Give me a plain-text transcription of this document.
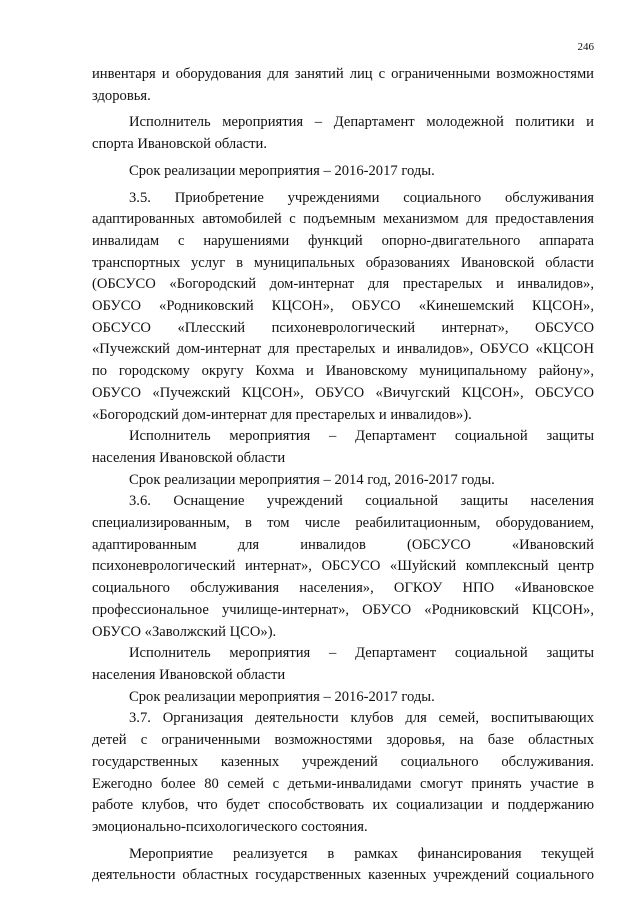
246
инвентаря и оборудования для занятий лиц с ограниченными возможностями
здоровья.
Исполнитель мероприятия – Департамент молодежной политики и
спорта Ивановской области.
Срок реализации мероприятия – 2016-2017 годы.
3.5. Приобретение учреждениями социального обслуживания
адаптированных автомобилей с подъемным механизмом для предоставления
инвалидам с нарушениями функций опорно-двигательного аппарата
транспортных услуг в муниципальных образованиях Ивановской области
(ОБСУСО «Богородский дом-интернат для престарелых и инвалидов»,
ОБУСО «Родниковский КЦСОН», ОБУСО «Кинешемский КЦСОН»,
ОБСУСО «Плесский психоневрологический интернат», ОБСУСО
«Пучежский дом-интернат для престарелых и инвалидов», ОБУСО «КЦСОН
по городскому округу Кохма и Ивановскому муниципальному району»,
ОБУСО «Пучежский КЦСОН», ОБУСО «Вичугский КЦСОН», ОБСУСО
«Богородский дом-интернат для престарелых и инвалидов»).
Исполнитель мероприятия – Департамент социальной защиты
населения Ивановской области
Срок реализации мероприятия – 2014 год, 2016-2017 годы.
3.6. Оснащение учреждений социальной защиты населения
специализированным, в том числе реабилитационным, оборудованием,
адаптированным для инвалидов (ОБСУСО «Ивановский
психоневрологический интернат», ОБСУСО «Шуйский комплексный центр
социального обслуживания населения», ОГКОУ НПО «Ивановское
профессиональное училище-интернат», ОБУСО «Родниковский КЦСОН»,
ОБУСО «Заволжский ЦСО»).
Исполнитель мероприятия – Департамент социальной защиты
населения Ивановской области
Срок реализации мероприятия – 2016-2017 годы.
3.7. Организация деятельности клубов для семей, воспитывающих
детей с ограниченными возможностями здоровья, на базе областных
государственных казенных учреждений социального обслуживания.
Ежегодно более 80 семей с детьми-инвалидами смогут принять участие в
работе клубов, что будет способствовать их социализации и поддержанию
эмоционально-психологического состояния.
Мероприятие реализуется в рамках финансирования текущей
деятельности областных государственных казенных учреждений социального
